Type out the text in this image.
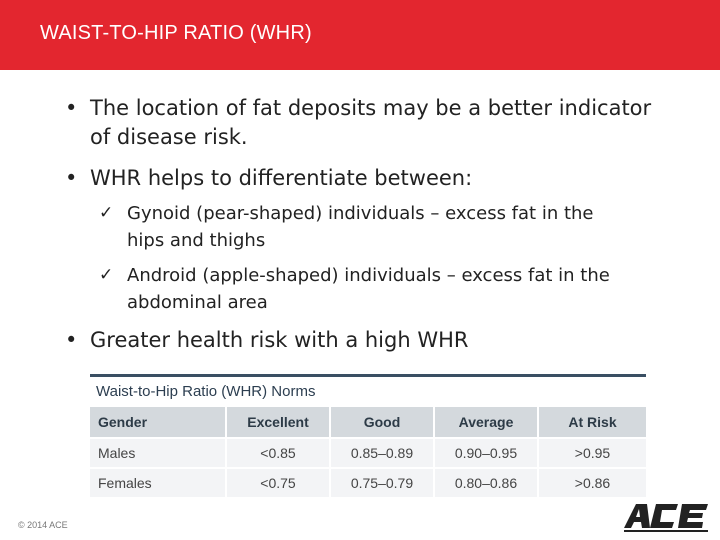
WAIST-TO-HIP RATIO (WHR)
• The location of fat deposits may be a better indicator
of disease risk.
• WHR helps to differentiate between:
✓ Gynoid (pear-shaped) individuals – excess fat in the
hips and thighs
✓ Android (apple-shaped) individuals – excess fat in the
abdominal area
• Greater health risk with a high WHR
Waist-to-Hip Ratio (WHR) Norms
Gender	Excellent	Good	Average	At Risk
Males	<0.85	0.85–0.89	0.90–0.95	>0.95
Females	<0.75	0.75–0.79	0.80–0.86	>0.86
© 2014 ACE
